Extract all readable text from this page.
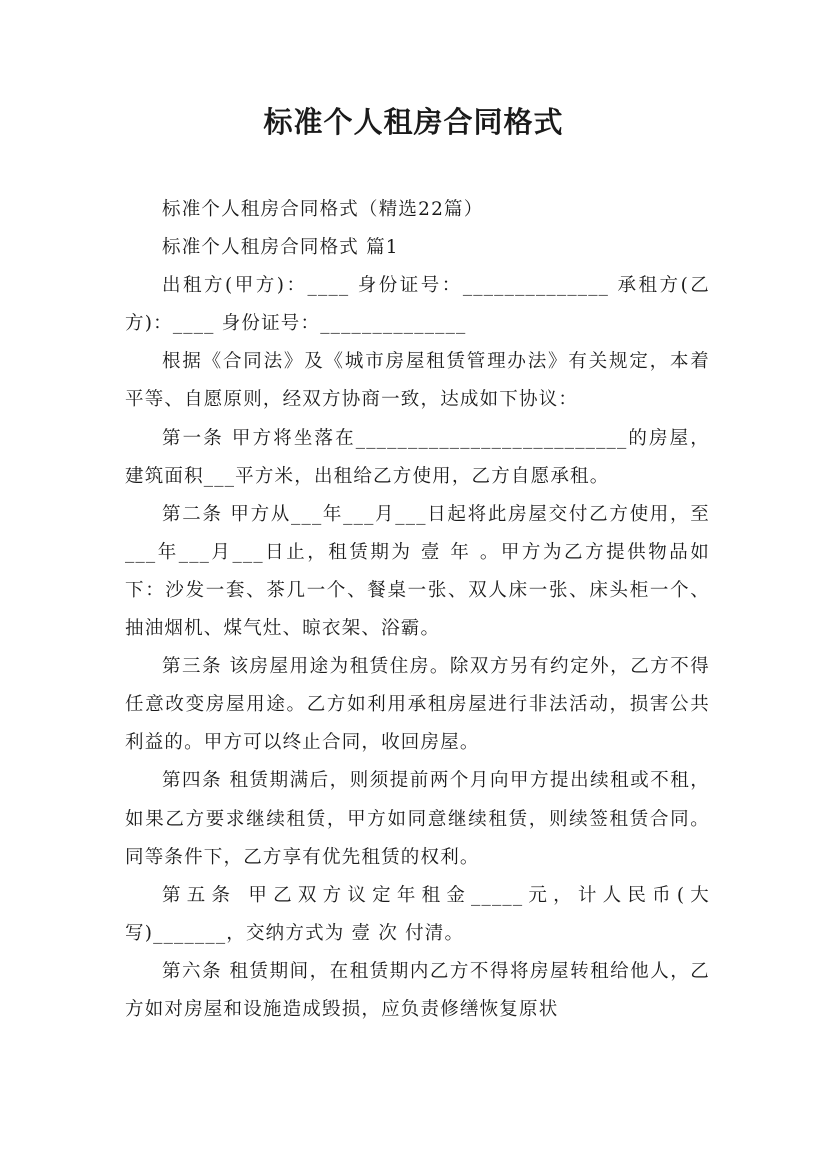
标准个人租房合同格式

标准个人租房合同格式（精选22篇）

标准个人租房合同格式 篇1

出租方(甲方)：____ 身份证号：______________ 承租方(乙方)：____ 身份证号：______________

根据《合同法》及《城市房屋租赁管理办法》有关规定，本着平等、自愿原则，经双方协商一致，达成如下协议：

第一条 甲方将坐落在__________________________的房屋，建筑面积___平方米，出租给乙方使用，乙方自愿承租。

第二条 甲方从___年___月___日起将此房屋交付乙方使用，至___年___月___日止，租赁期为 壹 年 。甲方为乙方提供物品如下：沙发一套、茶几一个、餐桌一张、双人床一张、床头柜一个、抽油烟机、煤气灶、晾衣架、浴霸。

第三条 该房屋用途为租赁住房。除双方另有约定外，乙方不得任意改变房屋用途。乙方如利用承租房屋进行非法活动，损害公共利益的。甲方可以终止合同，收回房屋。

第四条 租赁期满后，则须提前两个月向甲方提出续租或不租，如果乙方要求继续租赁，甲方如同意继续租赁，则续签租赁合同。同等条件下，乙方享有优先租赁的权利。

第五条 甲乙双方议定年租金_____元，计人民币(大写)_______，交纳方式为 壹 次 付清。

第六条 租赁期间，在租赁期内乙方不得将房屋转租给他人，乙方如对房屋和设施造成毁损，应负责修缮恢复原状
